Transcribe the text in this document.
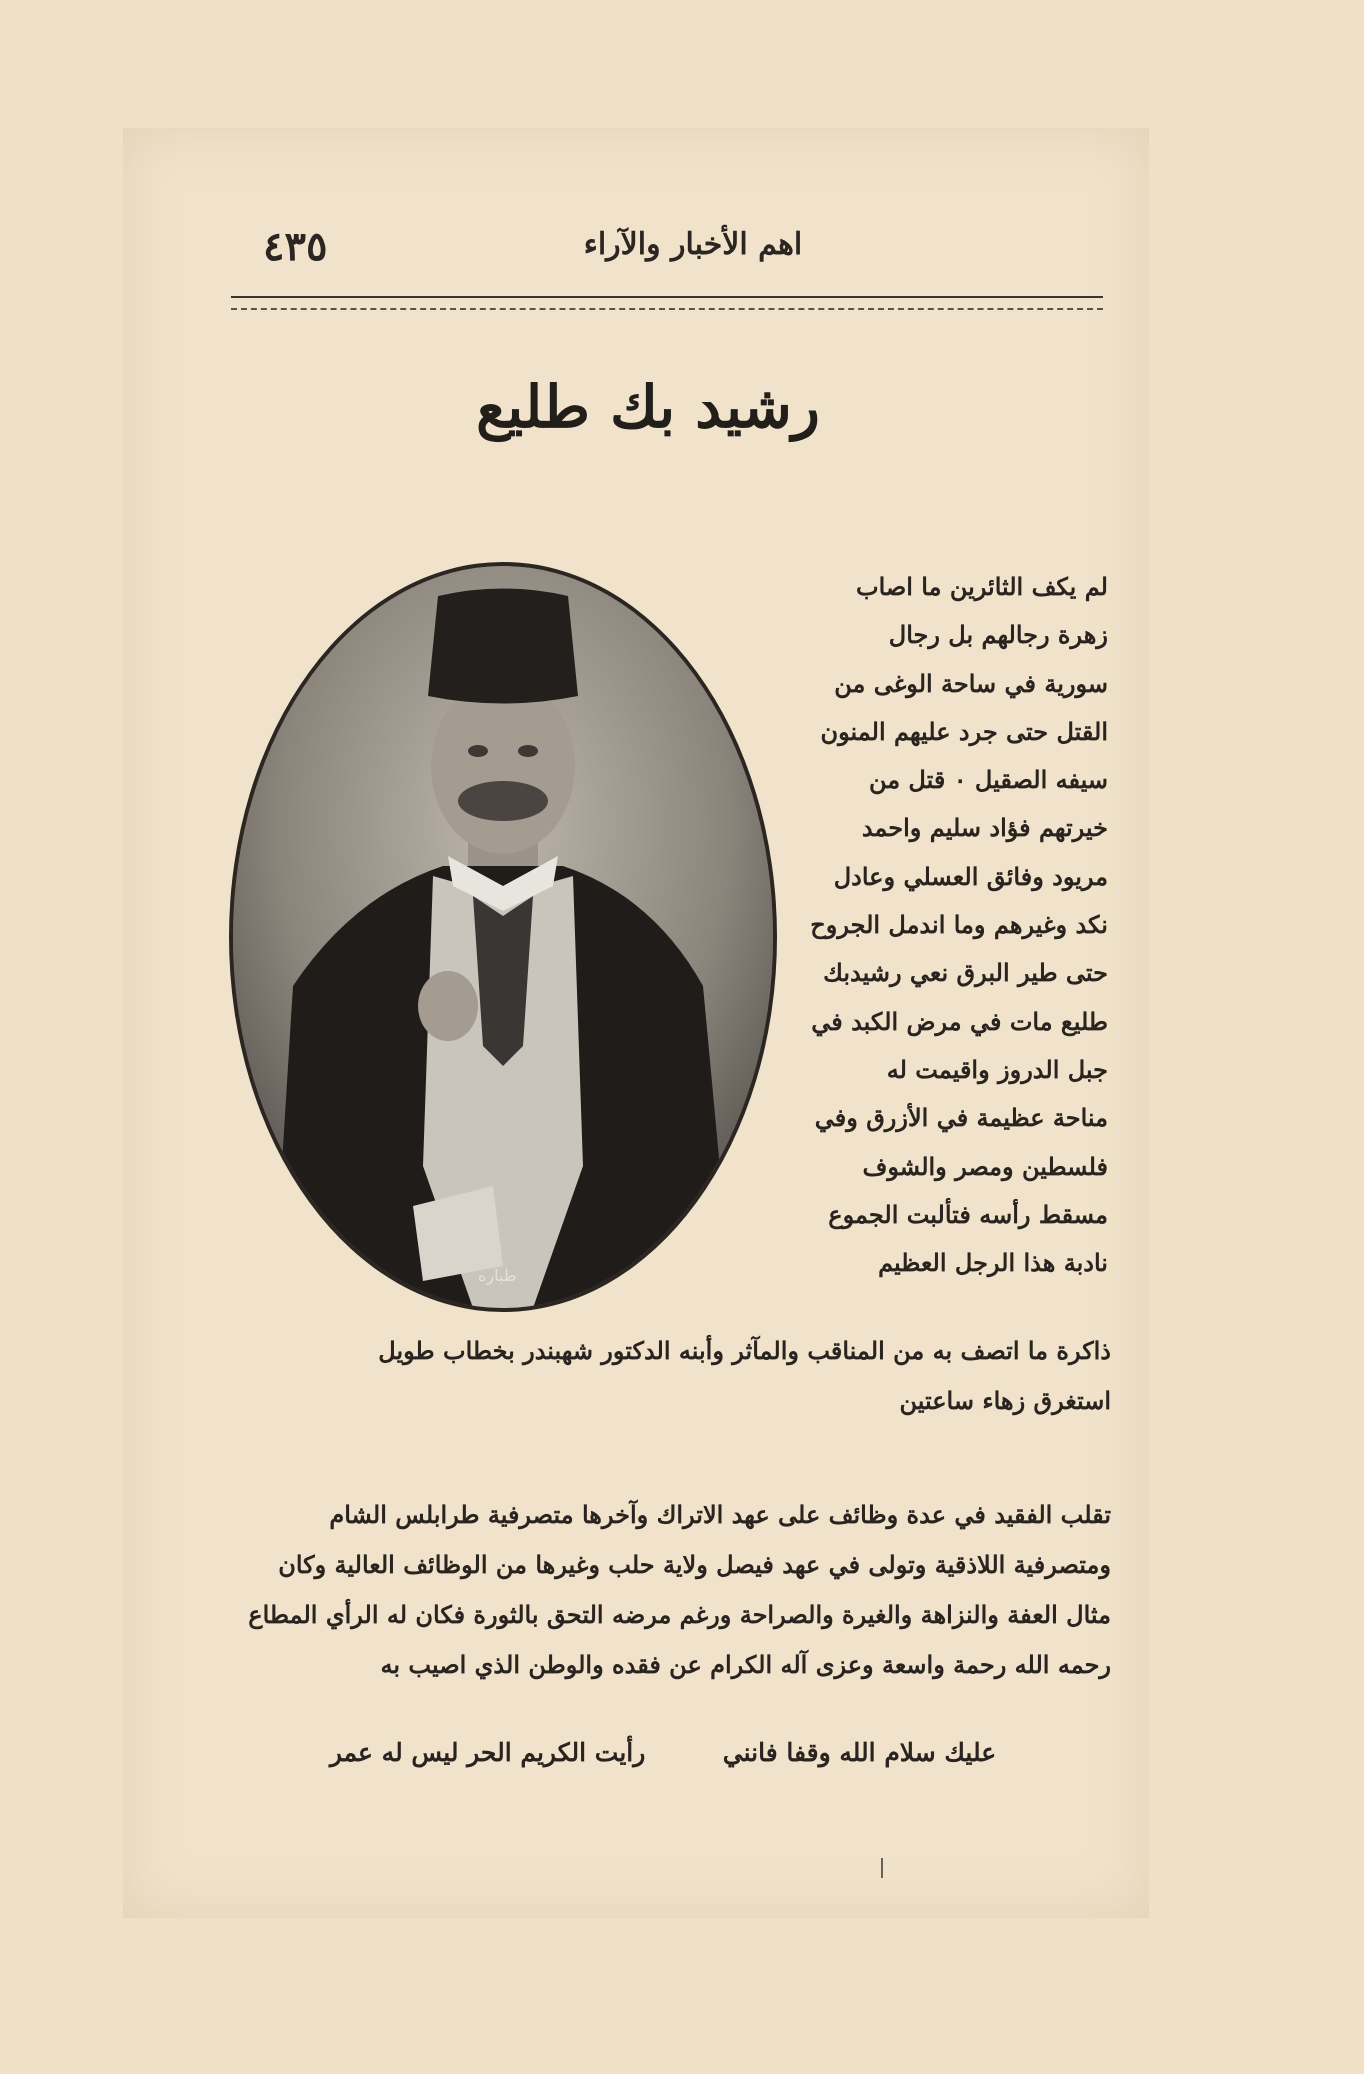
٤٣٥	اهم الأخبار والآراء
رشيد بك طليع
طباره
لم يكف الثائرين ما اصاب
زهرة رجالهم بل رجال
سورية في ساحة الوغى من
القتل حتى جرد عليهم المنون
سيفه الصقيل ٠ قتل من
خيرتهم فؤاد سليم واحمد
مريود وفائق العسلي وعادل
نكد وغيرهم وما اندمل الجروح
حتى طير البرق نعي رشيدبك
طليع مات في مرض الكبد في
جبل الدروز واقيمت له
مناحة عظيمة في الأزرق وفي
فلسطين ومصر والشوف
مسقط رأسه فتألبت الجموع
نادبة هذا الرجل العظيم
ذاكرة ما اتصف به من المناقب والمآثر وأبنه الدكتور شهبندر بخطاب طويل
استغرق زهاء ساعتين
تقلب الفقيد في عدة وظائف على عهد الاتراك وآخرها متصرفية طرابلس الشام
ومتصرفية اللاذقية وتولى في عهد فيصل ولاية حلب وغيرها من الوظائف العالية وكان
مثال العفة والنزاهة والغيرة والصراحة ورغم مرضه التحق بالثورة فكان له الرأي المطاع
رحمه الله رحمة واسعة وعزى آله الكرام عن فقده والوطن الذي اصيب به
عليك سلام الله وقفا فانني  رأيت الكريم الحر ليس له عمر
